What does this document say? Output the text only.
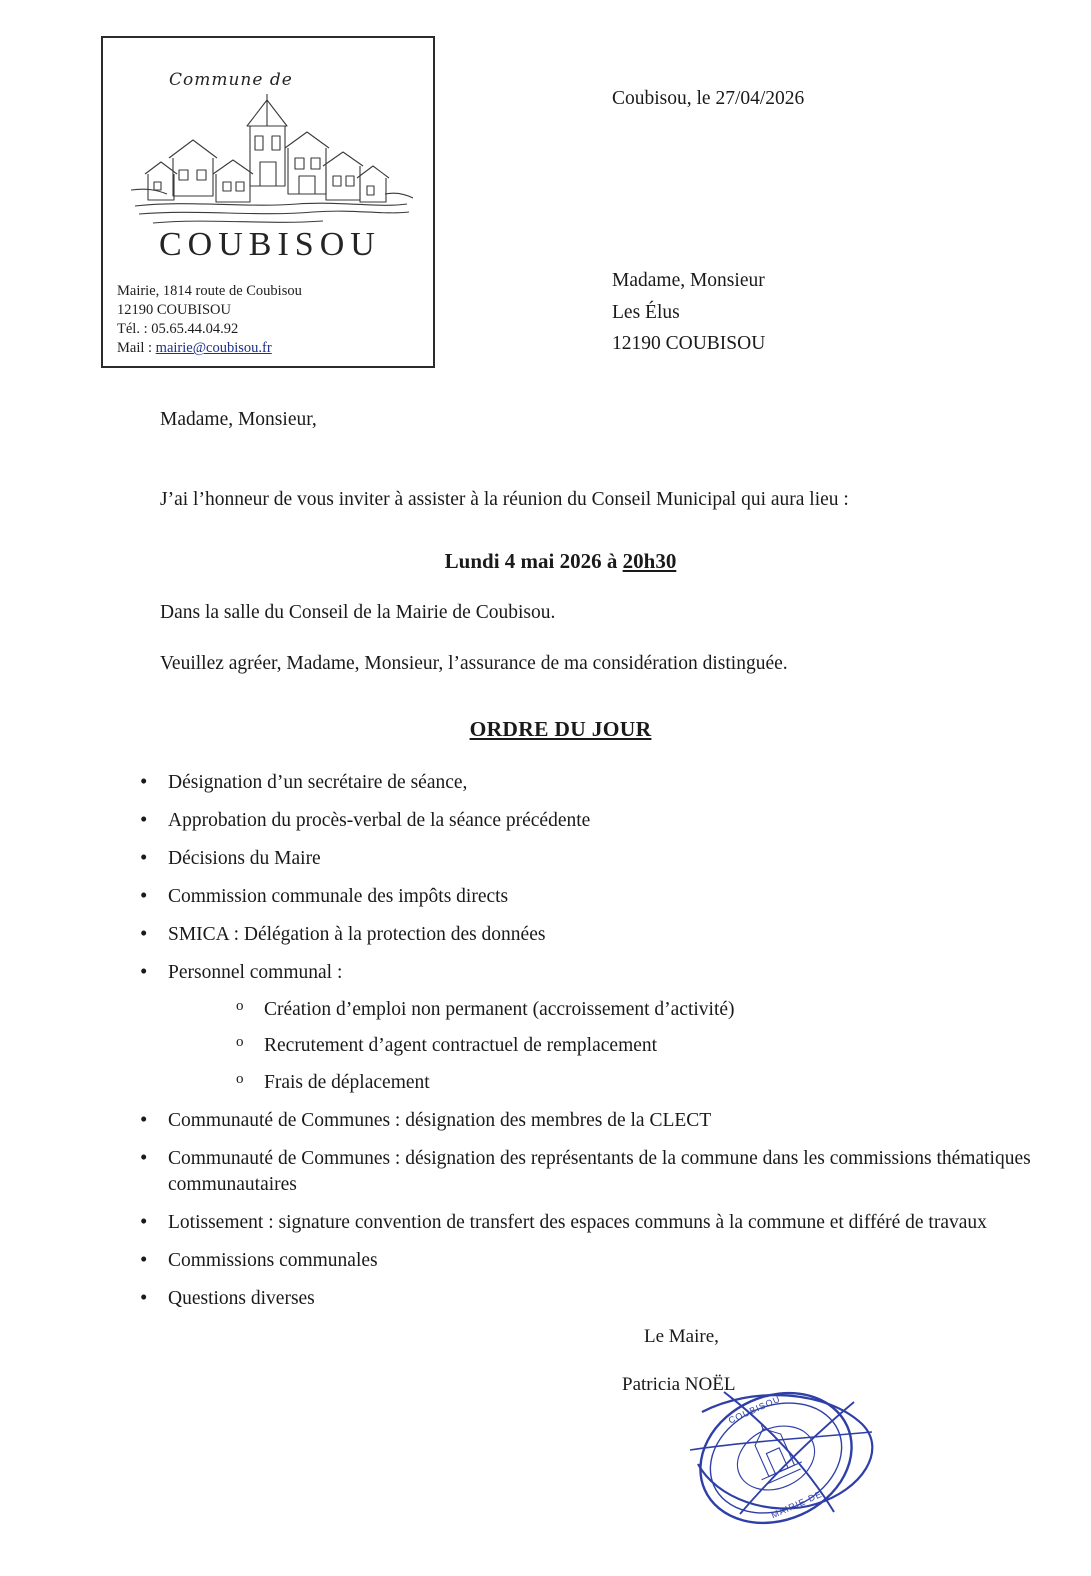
Commune de
COUBISOU
Mairie, 1814 route de Coubisou
12190 COUBISOU
Tél. : 05.65.44.04.92
Mail : mairie@coubisou.fr
Coubisou, le 27/04/2026
Madame, Monsieur
Les Élus
12190 COUBISOU
Madame, Monsieur,
J’ai l’honneur de vous inviter à assister à la réunion du Conseil Municipal qui aura lieu :
Lundi 4 mai 2026 à 20h30
Dans la salle du Conseil de la Mairie de Coubisou.
Veuillez agréer, Madame, Monsieur, l’assurance de ma considération distinguée.
ORDRE DU JOUR
• Désignation d’un secrétaire de séance,
• Approbation du procès-verbal de la séance précédente
• Décisions du Maire
• Commission communale des impôts directs
• SMICA : Délégation à la protection des données
• Personnel communal :
o Création d’emploi non permanent (accroissement d’activité)
o Recrutement d’agent contractuel de remplacement
o Frais de déplacement
• Communauté de Communes : désignation des membres de la CLECT
• Communauté de Communes : désignation des représentants de la commune dans les commissions thématiques communautaires
• Lotissement : signature convention de transfert des espaces communs à la commune et différé de travaux
• Commissions communales
• Questions diverses
Le Maire,
Patricia NOËL
COUBISOU
MAIRIE DE
